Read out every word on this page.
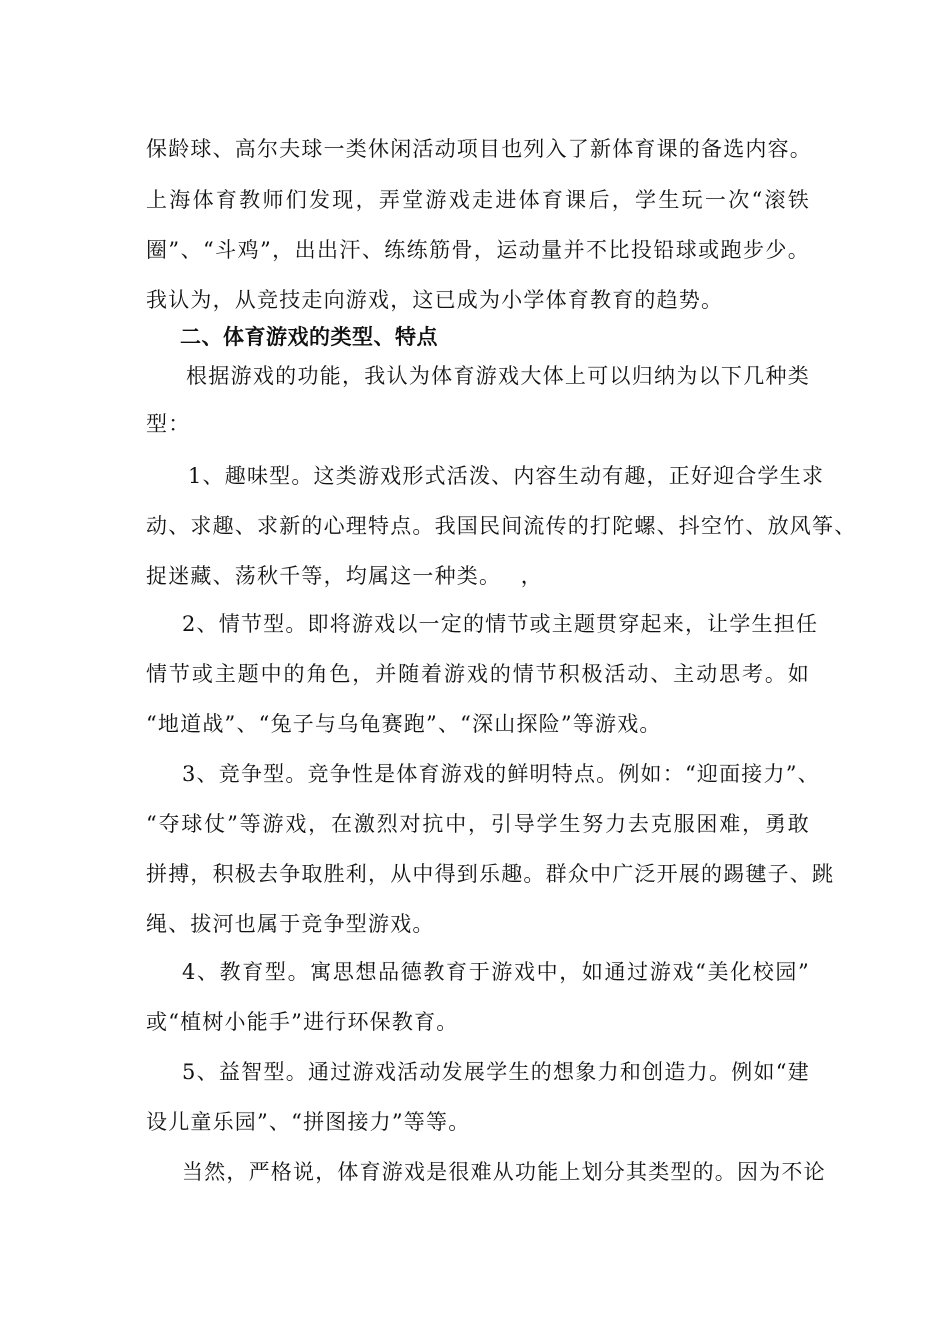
保龄球、高尔夫球一类休闲活动项目也列入了新体育课的备选内容。
上海体育教师们发现，弄堂游戏走进体育课后，学生玩一次“滚铁
圈”、“斗鸡”，出出汗、练练筋骨，运动量并不比投铅球或跑步少。
我认为，从竞技走向游戏，这已成为小学体育教育的趋势。
二、体育游戏的类型、特点
根据游戏的功能，我认为体育游戏大体上可以归纳为以下几种类
型：
1、趣味型。这类游戏形式活泼、内容生动有趣，正好迎合学生求
动、求趣、求新的心理特点。我国民间流传的打陀螺、抖空竹、放风筝、
捉迷藏、荡秋千等，均属这一种类。　 ，
2、情节型。即将游戏以一定的情节或主题贯穿起来，让学生担任
情节或主题中的角色，并随着游戏的情节积极活动、主动思考。如
“地道战”、“兔子与乌龟赛跑”、“深山探险”等游戏。
3、竞争型。竞争性是体育游戏的鲜明特点。例如：“迎面接力”、
“夺球仗”等游戏，在激烈对抗中，引导学生努力去克服困难，勇敢
拼搏，积极去争取胜利，从中得到乐趣。群众中广泛开展的踢毽子、跳
绳、拔河也属于竞争型游戏。
4、教育型。寓思想品德教育于游戏中，如通过游戏“美化校园”
或“植树小能手”进行环保教育。
5、益智型。通过游戏活动发展学生的想象力和创造力。例如“建
设儿童乐园”、“拼图接力”等等。
当然，严格说，体育游戏是很难从功能上划分其类型的。因为不论
